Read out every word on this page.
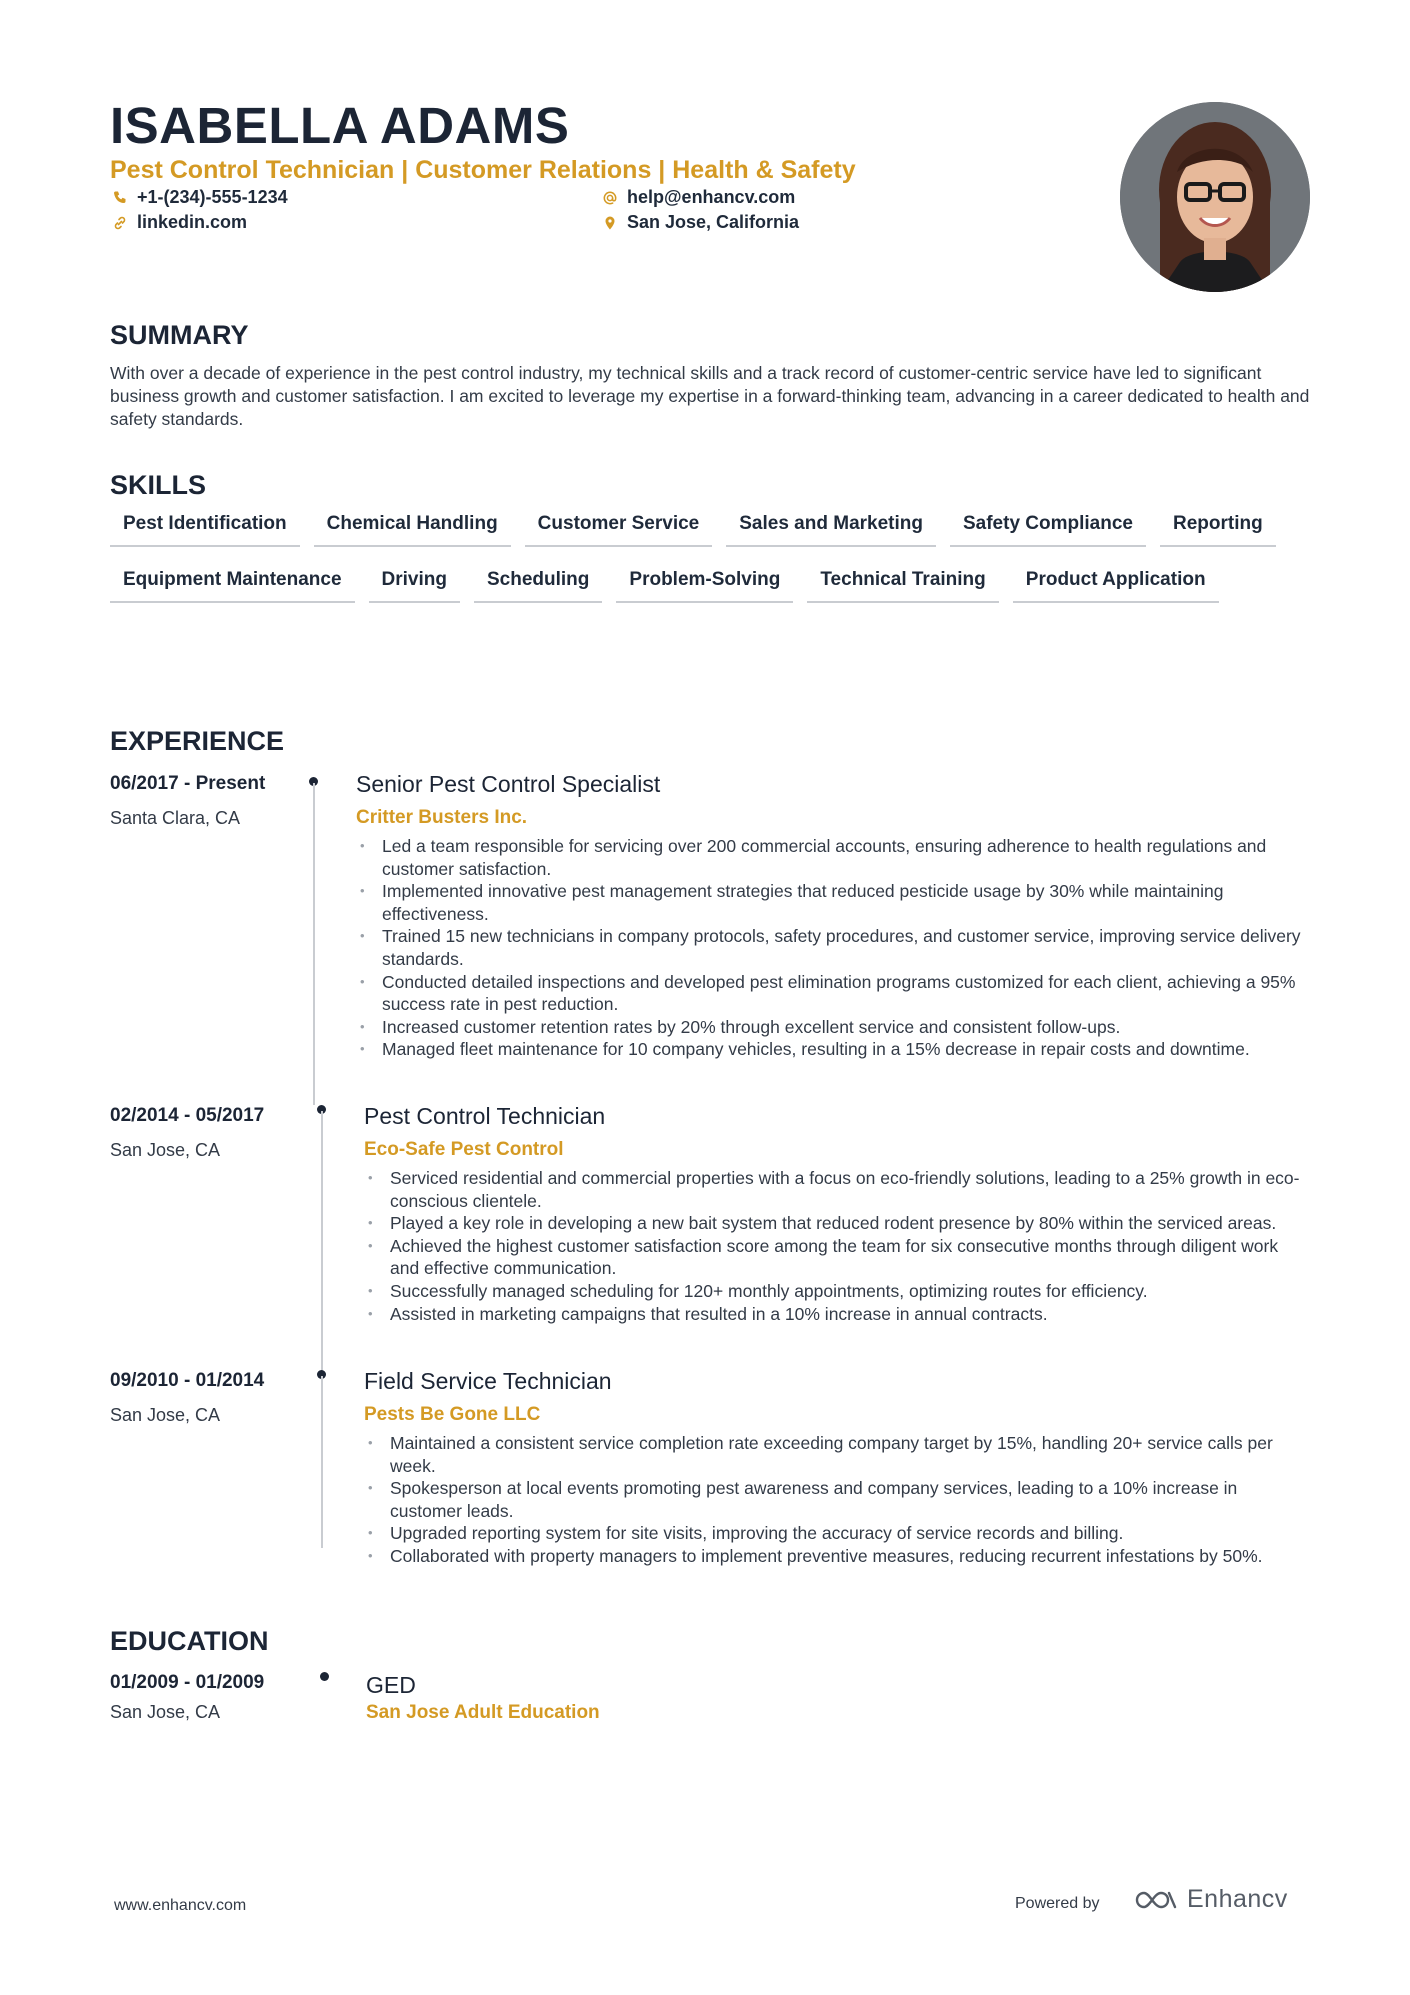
ISABELLA ADAMS
Pest Control Technician | Customer Relations | Health & Safety
+1-(234)-555-1234
linkedin.com
help@enhancv.com
San Jose, California
SUMMARY
With over a decade of experience in the pest control industry, my technical skills and a track record of customer-centric service have led to significant business growth and customer satisfaction. I am excited to leverage my expertise in a forward-thinking team, advancing in a career dedicated to health and safety standards.
SKILLS
Pest Identification	Chemical Handling	Customer Service	Sales and Marketing	Safety Compliance	Reporting
Equipment Maintenance	Driving	Scheduling	Problem-Solving	Technical Training	Product Application
EXPERIENCE
06/2017 - Present
Santa Clara, CA
Senior Pest Control Specialist
Critter Busters Inc.
• Led a team responsible for servicing over 200 commercial accounts, ensuring adherence to health regulations and customer satisfaction.
• Implemented innovative pest management strategies that reduced pesticide usage by 30% while maintaining effectiveness.
• Trained 15 new technicians in company protocols, safety procedures, and customer service, improving service delivery standards.
• Conducted detailed inspections and developed pest elimination programs customized for each client, achieving a 95% success rate in pest reduction.
• Increased customer retention rates by 20% through excellent service and consistent follow-ups.
• Managed fleet maintenance for 10 company vehicles, resulting in a 15% decrease in repair costs and downtime.
02/2014 - 05/2017
San Jose, CA
Pest Control Technician
Eco-Safe Pest Control
• Serviced residential and commercial properties with a focus on eco-friendly solutions, leading to a 25% growth in eco-conscious clientele.
• Played a key role in developing a new bait system that reduced rodent presence by 80% within the serviced areas.
• Achieved the highest customer satisfaction score among the team for six consecutive months through diligent work and effective communication.
• Successfully managed scheduling for 120+ monthly appointments, optimizing routes for efficiency.
• Assisted in marketing campaigns that resulted in a 10% increase in annual contracts.
09/2010 - 01/2014
San Jose, CA
Field Service Technician
Pests Be Gone LLC
• Maintained a consistent service completion rate exceeding company target by 15%, handling 20+ service calls per week.
• Spokesperson at local events promoting pest awareness and company services, leading to a 10% increase in customer leads.
• Upgraded reporting system for site visits, improving the accuracy of service records and billing.
• Collaborated with property managers to implement preventive measures, reducing recurrent infestations by 50%.
EDUCATION
01/2009 - 01/2009
San Jose, CA
GED
San Jose Adult Education
www.enhancv.com	Powered by	Enhancv
